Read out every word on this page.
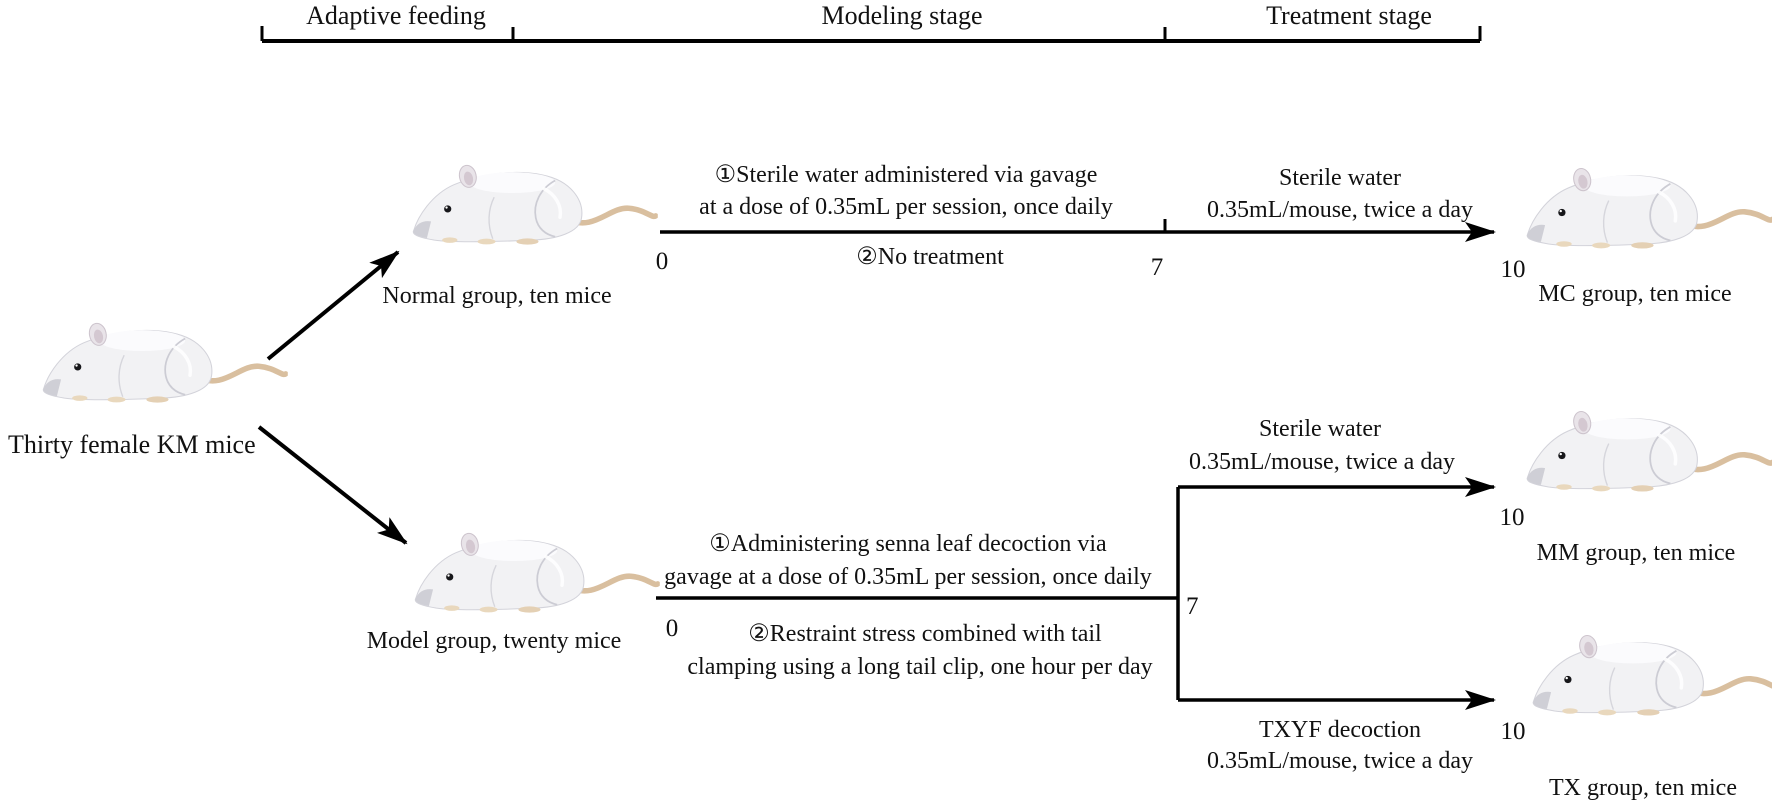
Adaptive feeding	Modeling stage	Treatment stage
Thirty female KM mice
Normal group, ten mice
①Sterile water administered via gavage
at a dose of 0.35mL per session, once daily
②No treatment
0	7
Sterile water
0.35mL/mouse, twice a day
10
MC group, ten mice
Model group, twenty mice
①Administering senna leaf decoction via
gavage at a dose of 0.35mL per session, once daily
0	②Restraint stress combined with tail
clamping using a long tail clip, one hour per day
7
Sterile water
0.35mL/mouse, twice a day
10
MM group, ten mice
TXYF decoction
0.35mL/mouse, twice a day
10
TX group, ten mice
